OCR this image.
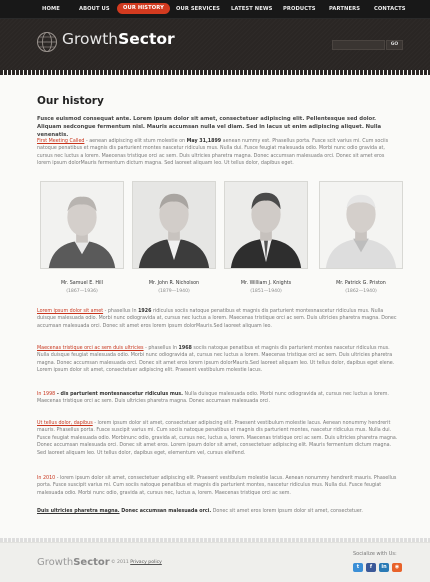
HOME	ABOUT US	OUR HISTORY	OUR SERVICES LATEST NEWS PRODUCTS	PARTNERS	CONTACTS
GrowthSector	GO
Our history
Fusce euismod consequat ante. Lorem ipsum dolor sit amet, consectetuer adipiscing elit. Pellentesque sed dolor. Aliquam sedcongue fermentum nisl. Mauris accumsan nulla vel diam. Sed in lacus ut enim adipiscing aliquet. Nulla venenatis.
First Meeting Called - aenean adipiscing elit stum molestie on May 31,1899 aenean nummy est. Phasellus porta. Fusce scit varius mi. Cum sociis natoque penatibus et magnis dis parturient montes nascetur ridiculus mus. Nulla dui. Fusce feugiat malesuada odio. Morbi nunc odio gravida at, cursus nec luctus a lorem. Maecenas tristique orci ac sem. Duis ultricies pharetra magna. Donec accumsan malesuada orci. Donec sit amet eros lorem ipsum dolorMauris fermentum dictum magna. Sed laoreet aliquam leo. Ut tellus dolor, dapibus eget.
Mr. Samuel E. Hill
(1867—1936)
Mr. John R. Nicholson
(1879—1940)
Mr. William J. Knights
(1851—1940)
Mr. Patrick G. Priston
(1862—1940)
Lorem ipsum dolor sit amet - phasellus In 1926 ridiculus sociis natoque penatibus et magnis dis parturient montesnascetur ridiculus mus. Nulla duisque malesuada odio. Morbi nunc odiogravida at, cursus nec luctus a lorem. Maecenas tristique orci ac sem. Duis ultricies pharetra magna. Donec accumsan malesuada orci. Donec sit amet eros lorem ipsum dolorMauris.Sed laoreet aliquam leo.
Maecenas tristique orci ac sem duis ultricies - phasellus In 1968 sociis natoque penatibus et magnis dis parturient montes nascetur ridiculus mus. Nulla duisque feugiat malesuada odio. Morbi nunc odiogravida at, cursus nec luctus a lorem. Maecenas tristique orci ac sem. Duis ultricies pharetra magna. Donec accumsan malesuada orci. Donec sit amet eros lorem ipsum dolorMauris.Sed laoreet aliquam leo. Ut tellus dolor, dapibus eget elene. Lorem ipsum dolor sit amet, consectetuer adipiscing elit. Praesent vestibulum molestie lacus.
In 1998 - dis parturient montesnascetur ridiculus mus. Nulla duisque malesuada odio. Morbi nunc odiogravida at, cursus nec luctus a lorem. Maecenas tristique orci ac sem. Duis ultricies pharetra magna. Donec accumsan malesuada orci.
Ut tellus dolor, dapibus - lorem ipsum dolor sit amet, consectetuer adipiscing elit. Praesent vestibulum molestie lacus. Aenean nonummy hendrerit mauris. Phasellus porta. Fusce suscipit varius mi. Cum sociis natoque penatibus et magnis dis parturient montes, nascetur ridiculus mus. Nulla dui. Fusce feugiat malesuada odio. Morbinunc odio, gravida at, cursus nec, luctus a, lorem. Maecenas tristique orci ac sem. Duis ultricies pharetra magna. Donec accumsan malesuada orci. Donec sit amet eros. Lorem ipsum dolor sit amet, consectetuer adipiscing elit. Mauris fermentum dictum magna. Sed laoreet aliquam leo. Ut tellus dolor, dapibus eget, elementum vel, cursus eleifend.
In 2010 - lorem ipsum dolor sit amet, consectetuer adipiscing elit. Praesent vestibulum molestie lacus. Aenean nonummy hendrerit mauris. Phasellus porta. Fusce suscipit varius mi. Cum sociis natoque penatibus et magnis dis parturient montes, nascetur ridiculus mus. Nulla dui. Fusce feugiat malesuada odio. Morbi nunc odio, gravida at, cursus nec, luctus a, lorem. Maecenas tristique orci ac sem.
Duis ultricies pharetra magna. Donec accumsan malesuada orci. Donec sit amet eros lorem ipsum dolor sit amet, consectetuer.
GrowthSector © 2011 Privacy policy
Socialize with Us:
t	f	in	◉
